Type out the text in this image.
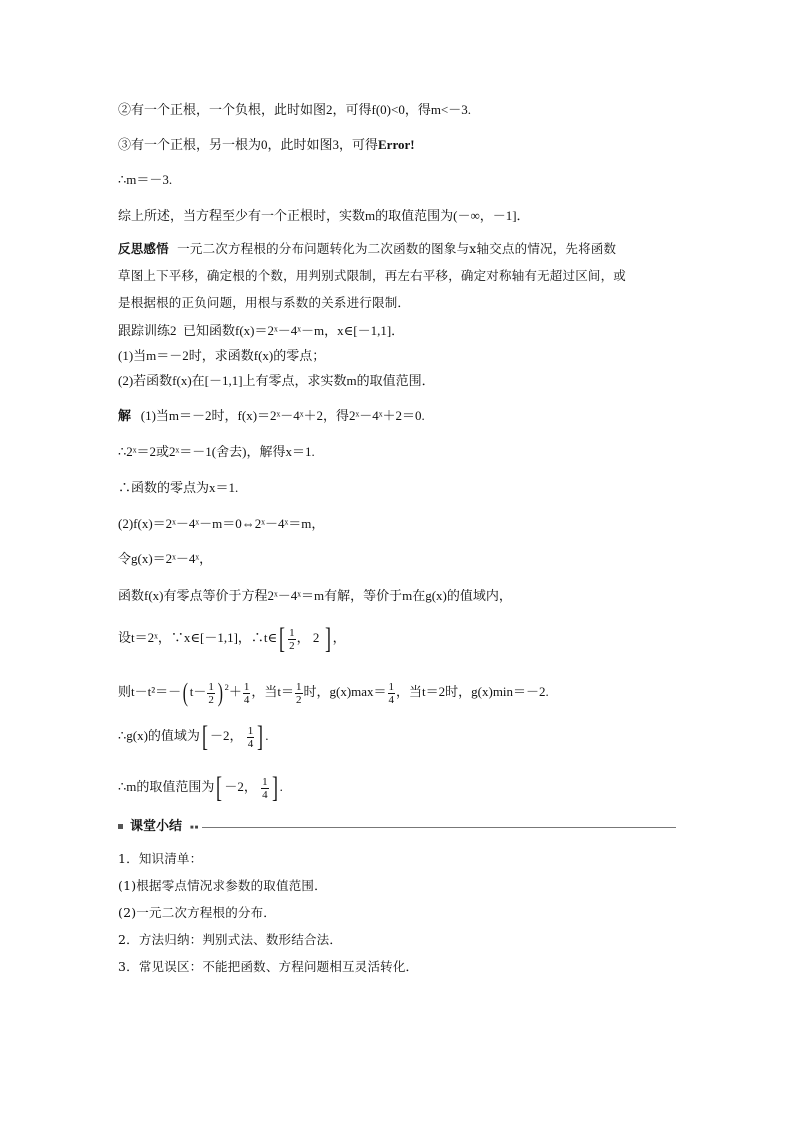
②有一个正根，一个负根，此时如图2，可得f(0)<0，得m<－3.
③有一个正根，另一根为0，此时如图3，可得Error!
∴m＝－3.
综上所述，当方程至少有一个正根时，实数m的取值范围为(－∞，－1]．
反思感悟 一元二次方程根的分布问题转化为二次函数的图象与x轴交点的情况，先将函数
草图上下平移，确定根的个数，用判别式限制，再左右平移，确定对称轴有无超过区间，或
是根据根的正负问题，用根与系数的关系进行限制．
跟踪训练2 已知函数f(x)＝2ˣ－4ˣ－m，x∈[－1,1]．
(1)当m＝－2时，求函数f(x)的零点；
(2)若函数f(x)在[－1,1]上有零点，求实数m的取值范围．
解 (1)当m＝－2时，f(x)＝2ˣ－4ˣ＋2，得2ˣ－4ˣ＋2＝0.
∴2ˣ＝2或2ˣ＝－1(舍去)，解得x＝1.
∴函数的零点为x＝1.
(2)f(x)＝2ˣ－4ˣ－m＝0⇔2ˣ－4ˣ＝m，
令g(x)＝2ˣ－4ˣ，
函数f(x)有零点等价于方程2ˣ－4ˣ＝m有解，等价于m在g(x)的值域内，
设t＝2ˣ，∵x∈[－1,1]，∴t∈[ $\frac{1}{2}$ ， 2 ] ，
则t－t²＝－( $t- \frac{1}{2}$ ) $^2+ \frac{1}{4}$ ，当$t= \frac{1}{2}$ 时，$g(x)\max= \frac{1}{4}$ ，当t＝2时，g(x)min＝－2.
∴g(x)的值域为[ －2， $\frac{1}{4}$ ] .
∴m的取值范围为[ －2， $\frac{1}{4}$ ] .
课堂小结 ■■
1．知识清单：
(1)根据零点情况求参数的取值范围．
(2)一元二次方程根的分布．
2．方法归纳：判别式法、数形结合法．
3．常见误区：不能把函数、方程问题相互灵活转化．
